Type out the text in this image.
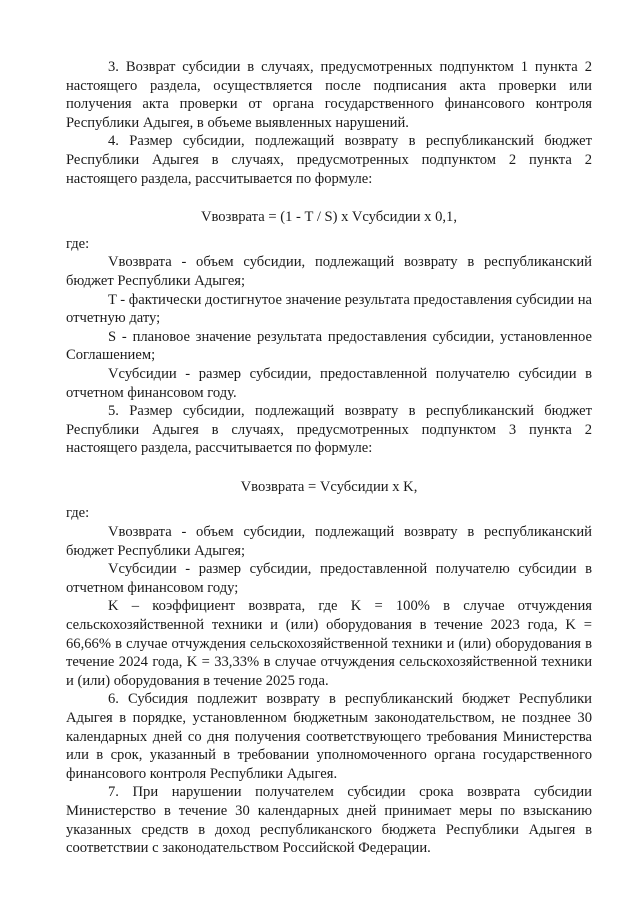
3. Возврат субсидии в случаях, предусмотренных подпунктом 1 пункта 2 настоящего раздела, осуществляется после подписания акта проверки или получения акта проверки от органа государственного финансового контроля Республики Адыгея, в объеме выявленных нарушений.

4. Размер субсидии, подлежащий возврату в республиканский бюджет Республики Адыгея в случаях, предусмотренных подпунктом 2 пункта 2 настоящего раздела, рассчитывается по формуле:

Vвозврата = (1 - T / S) x Vсубсидии x 0,1,

где:

Vвозврата - объем субсидии, подлежащий возврату в республиканский бюджет Республики Адыгея;

T - фактически достигнутое значение результата предоставления субсидии на отчетную дату;

S - плановое значение результата предоставления субсидии, установленное Соглашением;

Vсубсидии - размер субсидии, предоставленной получателю субсидии в отчетном финансовом году.

5. Размер субсидии, подлежащий возврату в республиканский бюджет Республики Адыгея в случаях, предусмотренных подпунктом 3 пункта 2 настоящего раздела, рассчитывается по формуле:

Vвозврата = Vсубсидии x K,

где:

Vвозврата - объем субсидии, подлежащий возврату в республиканский бюджет Республики Адыгея;

Vсубсидии - размер субсидии, предоставленной получателю субсидии в отчетном финансовом году;

K – коэффициент возврата, где K = 100% в случае отчуждения сельскохозяйственной техники и (или) оборудования в течение 2023 года, K = 66,66% в случае отчуждения сельскохозяйственной техники и (или) оборудования в течение 2024 года, K = 33,33% в случае отчуждения сельскохозяйственной техники и (или) оборудования в течение 2025 года.

6. Субсидия подлежит возврату в республиканский бюджет Республики Адыгея в порядке, установленном бюджетным законодательством, не позднее 30 календарных дней со дня получения соответствующего требования Министерства или в срок, указанный в требовании уполномоченного органа государственного финансового контроля Республики Адыгея.

7. При нарушении получателем субсидии срока возврата субсидии Министерство в течение 30 календарных дней принимает меры по взысканию указанных средств в доход республиканского бюджета Республики Адыгея в соответствии с законодательством Российской Федерации.
